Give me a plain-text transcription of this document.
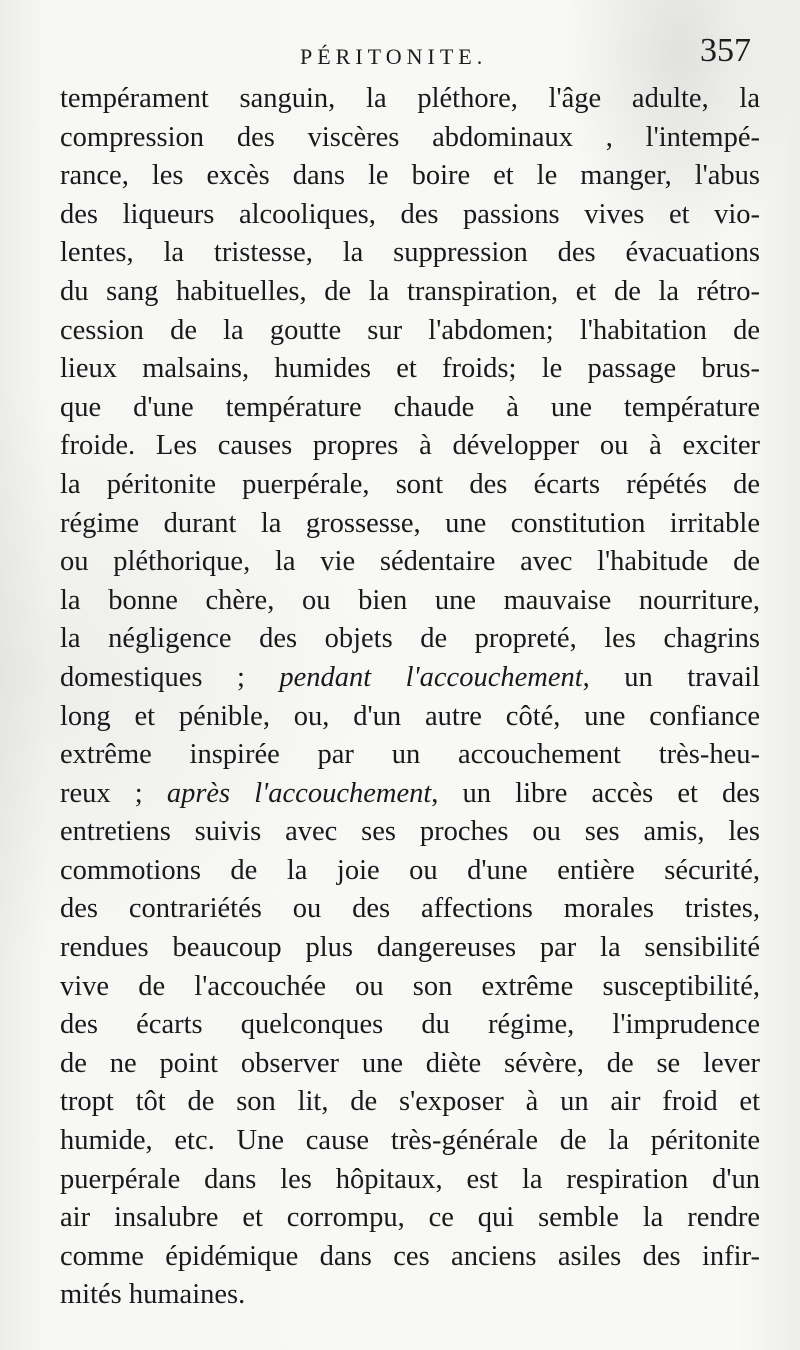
PÉRITONITE.	357
tempérament sanguin, la pléthore, l'âge adulte, la
compression des viscères abdominaux , l'intempé-
rance, les excès dans le boire et le manger, l'abus
des liqueurs alcooliques, des passions vives et vio-
lentes, la tristesse, la suppression des évacuations
du sang habituelles, de la transpiration, et de la rétro-
cession de la goutte sur l'abdomen; l'habitation de
lieux malsains, humides et froids; le passage brus-
que d'une température chaude à une température
froide. Les causes propres à développer ou à exciter
la péritonite puerpérale, sont des écarts répétés de
régime durant la grossesse, une constitution irritable
ou pléthorique, la vie sédentaire avec l'habitude de
la bonne chère, ou bien une mauvaise nourriture,
la négligence des objets de propreté, les chagrins
domestiques ; pendant l'accouchement, un travail
long et pénible, ou, d'un autre côté, une confiance
extrême inspirée par un accouchement très-heu-
reux ; après l'accouchement, un libre accès et des
entretiens suivis avec ses proches ou ses amis, les
commotions de la joie ou d'une entière sécurité,
des contrariétés ou des affections morales tristes,
rendues beaucoup plus dangereuses par la sensibilité
vive de l'accouchée ou son extrême susceptibilité,
des écarts quelconques du régime, l'imprudence
de ne point observer une diète sévère, de se lever
tropt tôt de son lit, de s'exposer à un air froid et
humide, etc. Une cause très-générale de la péritonite
puerpérale dans les hôpitaux, est la respiration d'un
air insalubre et corrompu, ce qui semble la rendre
comme épidémique dans ces anciens asiles des infir-
mités humaines.
